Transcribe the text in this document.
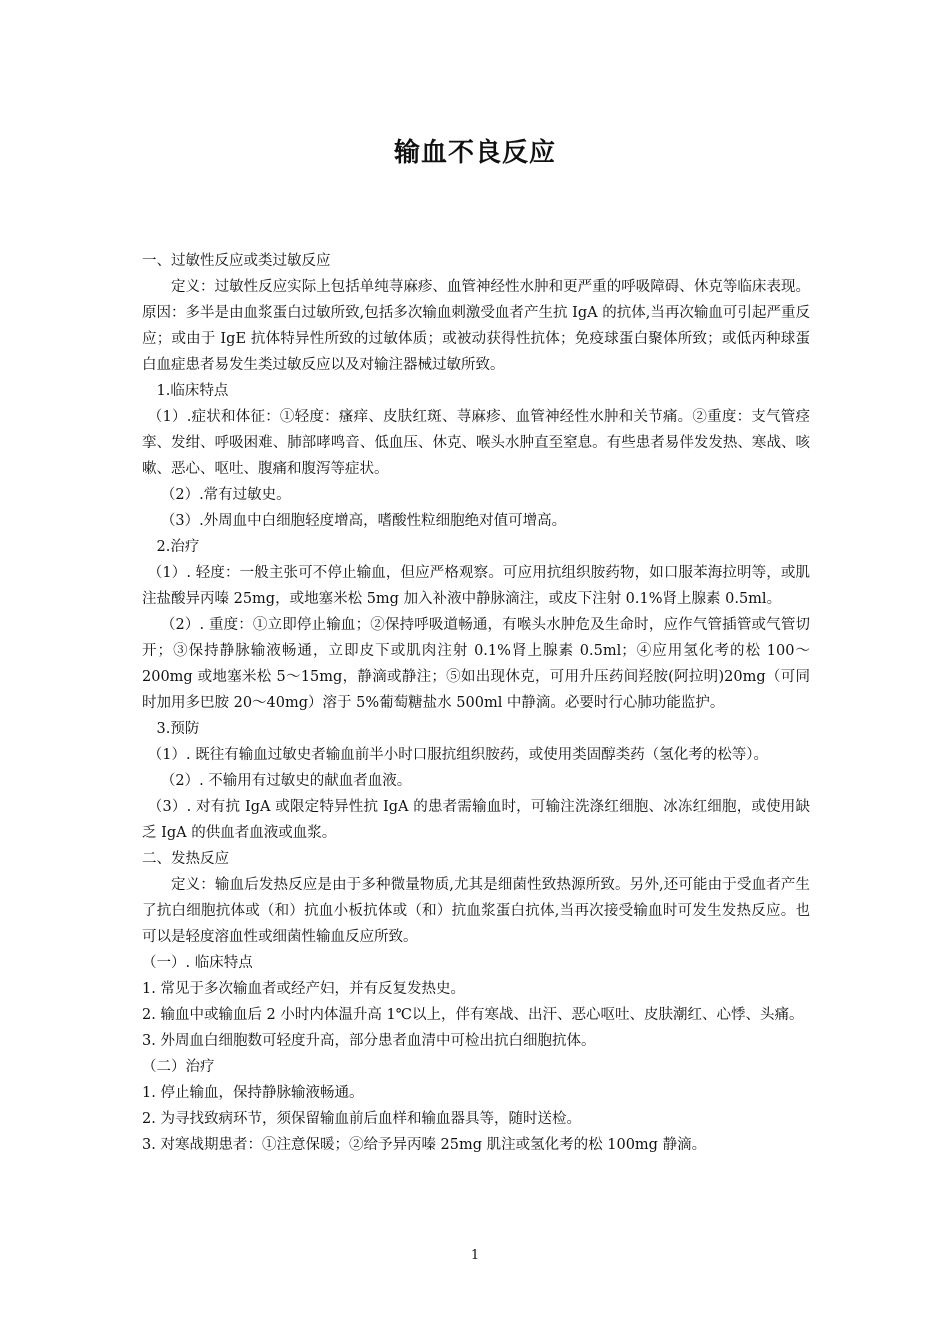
输血不良反应

一、过敏性反应或类过敏反应

定义：过敏性反应实际上包括单纯荨麻疹、血管神经性水肿和更严重的呼吸障碍、休克等临床表现。原因：多半是由血浆蛋白过敏所致,包括多次输血刺激受血者产生抗 IgA 的抗体,当再次输血可引起严重反应；或由于 IgE 抗体特异性所致的过敏体质；或被动获得性抗体；免疫球蛋白聚体所致；或低丙种球蛋白血症患者易发生类过敏反应以及对输注器械过敏所致。

1.临床特点

（1）.症状和体征：①轻度：瘙痒、皮肤红斑、荨麻疹、血管神经性水肿和关节痛。②重度：支气管痉挛、发绀、呼吸困难、肺部哮鸣音、低血压、休克、喉头水肿直至窒息。有些患者易伴发发热、寒战、咳嗽、恶心、呕吐、腹痛和腹泻等症状。

（2）.常有过敏史。

（3）.外周血中白细胞轻度增高，嗜酸性粒细胞绝对值可增高。

2.治疗

（1）. 轻度：一般主张可不停止输血，但应严格观察。可应用抗组织胺药物，如口服苯海拉明等，或肌注盐酸异丙嗪 25mg，或地塞米松 5mg 加入补液中静脉滴注，或皮下注射 0.1%肾上腺素 0.5ml。

（2）. 重度：①立即停止输血；②保持呼吸道畅通，有喉头水肿危及生命时，应作气管插管或气管切开；③保持静脉输液畅通，立即皮下或肌肉注射 0.1%肾上腺素 0.5ml；④应用氢化考的松 100～200mg 或地塞米松 5～15mg，静滴或静注；⑤如出现休克，可用升压药间羟胺(阿拉明)20mg（可同时加用多巴胺 20～40mg）溶于 5%葡萄糖盐水 500ml 中静滴。必要时行心肺功能监护。

3.预防

（1）. 既往有输血过敏史者输血前半小时口服抗组织胺药，或使用类固醇类药（氢化考的松等）。

（2）. 不输用有过敏史的献血者血液。

（3）. 对有抗 IgA 或限定特异性抗 IgA 的患者需输血时，可输注洗涤红细胞、冰冻红细胞，或使用缺乏 IgA 的供血者血液或血浆。

二、发热反应

定义：输血后发热反应是由于多种微量物质,尤其是细菌性致热源所致。另外,还可能由于受血者产生了抗白细胞抗体或（和）抗血小板抗体或（和）抗血浆蛋白抗体,当再次接受输血时可发生发热反应。也可以是轻度溶血性或细菌性输血反应所致。

（一）. 临床特点

1. 常见于多次输血者或经产妇，并有反复发热史。

2. 输血中或输血后 2 小时内体温升高 1℃以上，伴有寒战、出汗、恶心呕吐、皮肤潮红、心悸、头痛。

3. 外周血白细胞数可轻度升高，部分患者血清中可检出抗白细胞抗体。

（二）治疗

1. 停止输血，保持静脉输液畅通。

2. 为寻找致病环节，须保留输血前后血样和输血器具等，随时送检。

3. 对寒战期患者：①注意保暖；②给予异丙嗪 25mg 肌注或氢化考的松 100mg 静滴。

1
